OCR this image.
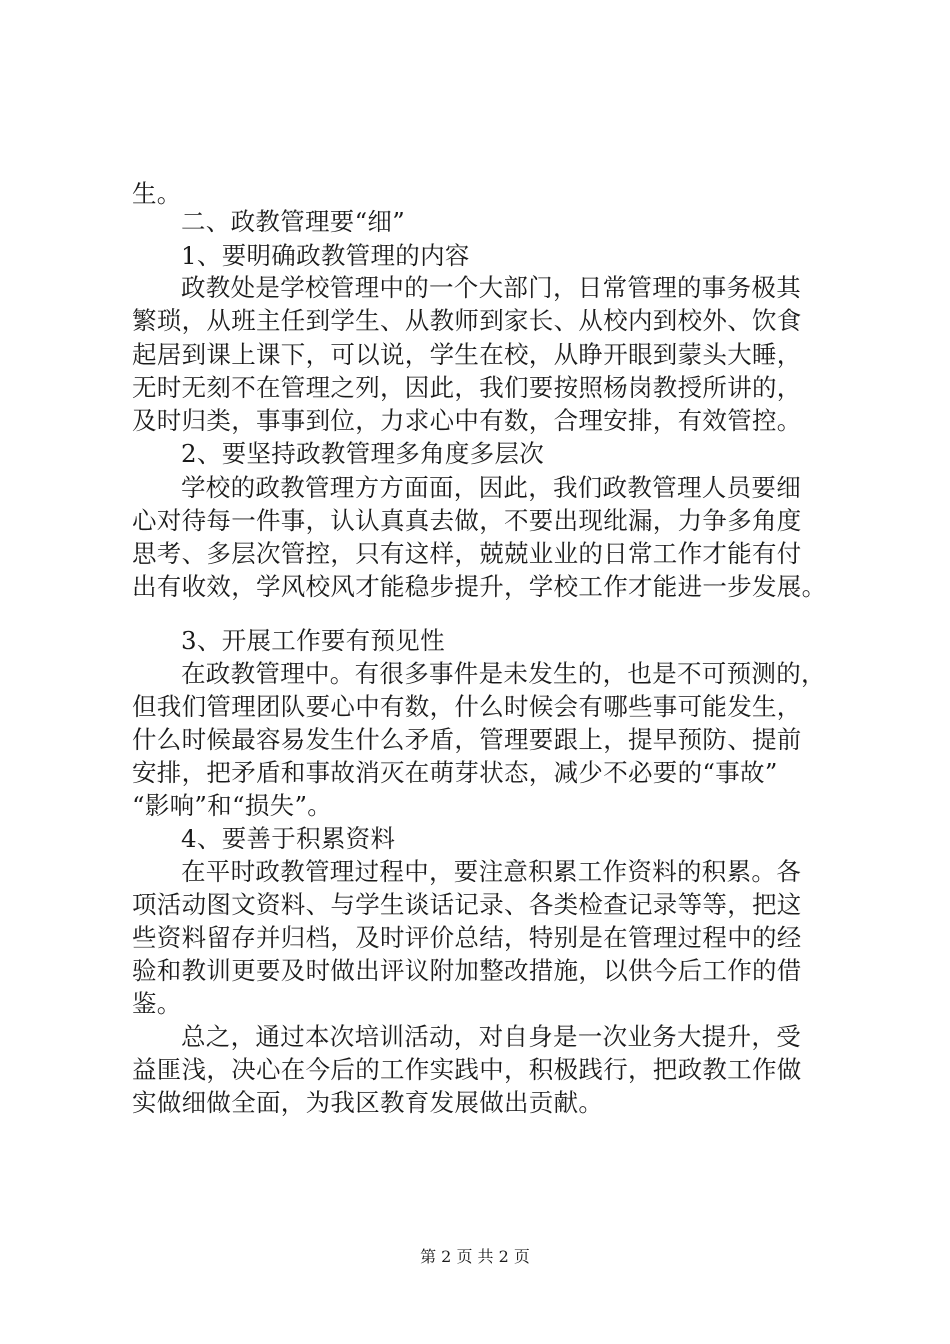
生。
二、政教管理要“细”
1、要明确政教管理的内容
政教处是学校管理中的一个大部门，日常管理的事务极其
繁琐，从班主任到学生、从教师到家长、从校内到校外、饮食
起居到课上课下，可以说，学生在校，从睁开眼到蒙头大睡，
无时无刻不在管理之列，因此，我们要按照杨岗教授所讲的，
及时归类，事事到位，力求心中有数，合理安排，有效管控。
2、要坚持政教管理多角度多层次
学校的政教管理方方面面，因此，我们政教管理人员要细
心对待每一件事，认认真真去做，不要出现纰漏，力争多角度
思考、多层次管控，只有这样，兢兢业业的日常工作才能有付
出有收效，学风校风才能稳步提升，学校工作才能进一步发展。
3、开展工作要有预见性
在政教管理中。有很多事件是未发生的，也是不可预测的，
但我们管理团队要心中有数，什么时候会有哪些事可能发生，
什么时候最容易发生什么矛盾，管理要跟上，提早预防、提前
安排，把矛盾和事故消灭在萌芽状态，减少不必要的“事故”
“影响”和“损失”。
4、要善于积累资料
在平时政教管理过程中，要注意积累工作资料的积累。各
项活动图文资料、与学生谈话记录、各类检查记录等等，把这
些资料留存并归档，及时评价总结，特别是在管理过程中的经
验和教训更要及时做出评议附加整改措施，以供今后工作的借
鉴。
总之，通过本次培训活动，对自身是一次业务大提升，受
益匪浅，决心在今后的工作实践中，积极践行，把政教工作做
实做细做全面，为我区教育发展做出贡献。
第 2 页 共 2 页
